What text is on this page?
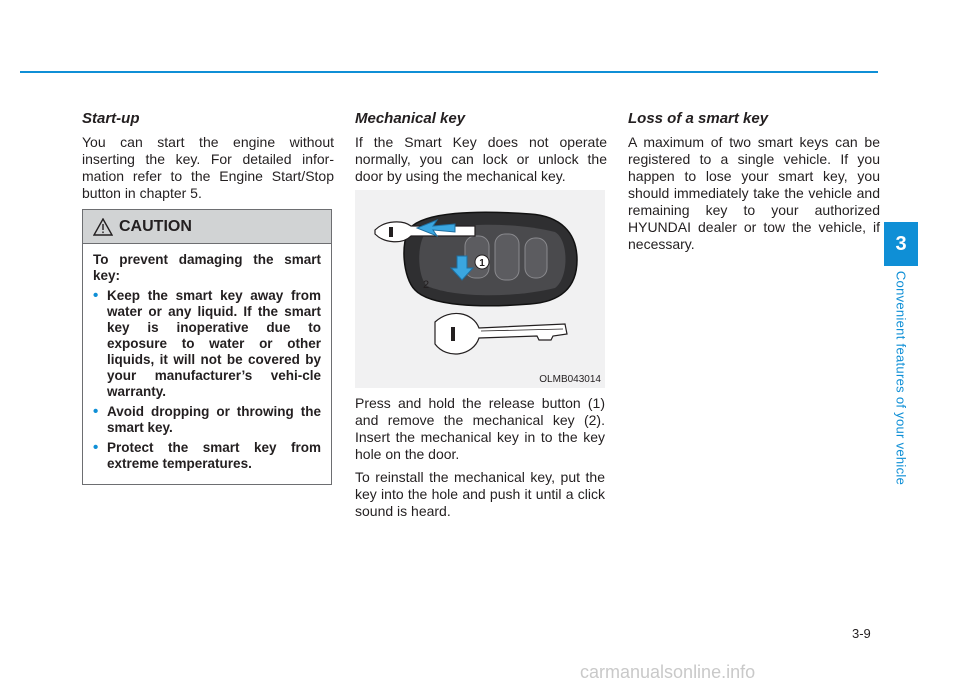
Start-up

You can start the engine without inserting the key. For detailed infor-mation refer to the Engine Start/Stop button in chapter 5.

CAUTION

To prevent damaging the smart key:

• Keep the smart key away from water or any liquid. If the smart key is inoperative due to exposure to water or other liquids, it will not be covered by your manufacturer’s vehi-cle warranty.
• Avoid dropping or throwing the smart key.
• Protect the smart key from extreme temperatures.
Mechanical key

If the Smart Key does not operate normally, you can lock or unlock the door by using the mechanical key.

1
2
OLMB043014

Press and hold the release button (1) and remove the mechanical key (2). Insert the mechanical key in to the key hole on the door.

To reinstall the mechanical key, put the key into the hole and push it until a click sound is heard.

Loss of a smart key

A maximum of two smart keys can be registered to a single vehicle. If you happen to lose your smart key, you should immediately take the vehicle and remaining key to your authorized HYUNDAI dealer or tow the vehicle, if necessary.	3
Convenient features of your vehicle
3-9
carmanualsonline.info
